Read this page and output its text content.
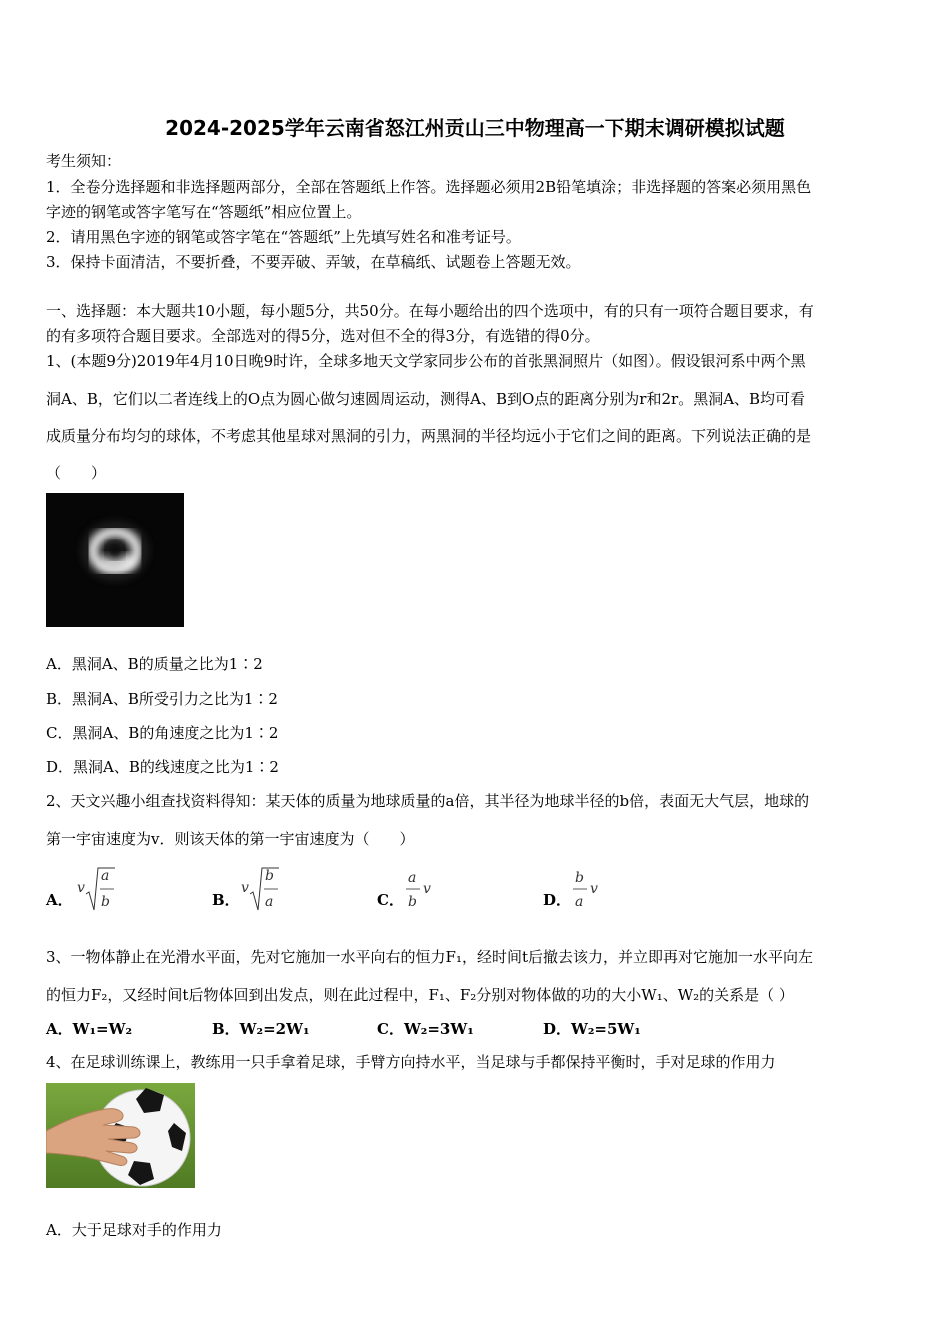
2024-2025学年云南省怒江州贡山三中物理高一下期末调研模拟试题
考生须知：
1．全卷分选择题和非选择题两部分，全部在答题纸上作答。选择题必须用2B铅笔填涂；非选择题的答案必须用黑色
字迹的钢笔或答字笔写在“答题纸”相应位置上。
2．请用黑色字迹的钢笔或答字笔在“答题纸”上先填写姓名和准考证号。
3．保持卡面清洁，不要折叠，不要弄破、弄皱，在草稿纸、试题卷上答题无效。
一、选择题：本大题共10小题，每小题5分，共50分。在每小题给出的四个选项中，有的只有一项符合题目要求，有
的有多项符合题目要求。全部选对的得5分，选对但不全的得3分，有选错的得0分。
1、(本题9分)2019年4月10日晚9时许，全球多地天文学家同步公布的首张黑洞照片（如图）。假设银河系中两个黑
洞A、B，它们以二者连线上的O点为圆心做匀速圆周运动，测得A、B到O点的距离分别为r和2r。黑洞A、B均可看
成质量分布均匀的球体，不考虑其他星球对黑洞的引力，两黑洞的半径均远小于它们之间的距离。下列说法正确的是
（　　）
A．黑洞A、B的质量之比为1∶2
B．黑洞A、B所受引力之比为1∶2
C．黑洞A、B的角速度之比为1∶2
D．黑洞A、B的线速度之比为1∶2
2、天文兴趣小组查找资料得知：某天体的质量为地球质量的a倍，其半径为地球半径的b倍，表面无大气层，地球的
第一宇宙速度为v．则该天体的第一宇宙速度为（　　）
A．
v
a
b	B．
v
b
a	C．
a
b
v
D．
b
a
v
3、一物体静止在光滑水平面，先对它施加一水平向右的恒力F₁，经时间t后撤去该力，并立即再对它施加一水平向左
的恒力F₂，又经时间t后物体回到出发点，则在此过程中，F₁、F₂分别对物体做的功的大小W₁、W₂的关系是（ ）
A．W₁=W₂	B．W₂=2W₁	C．W₂=3W₁	D．W₂=5W₁
4、在足球训练课上，教练用一只手拿着足球，手臂方向持水平，当足球与手都保持平衡时，手对足球的作用力
A．大于足球对手的作用力
